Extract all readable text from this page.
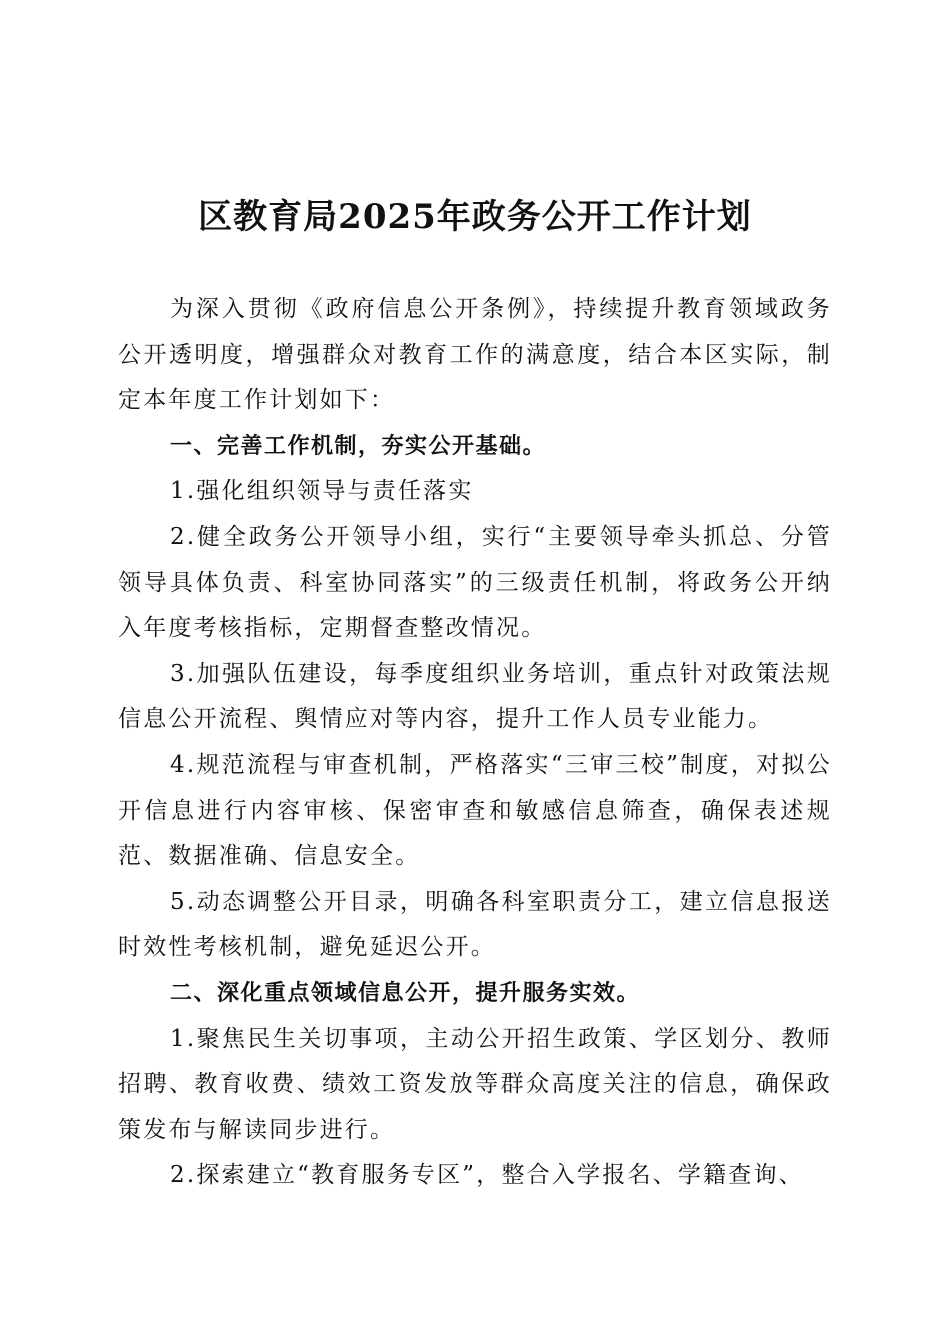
区教育局2025年政务公开工作计划

为深入贯彻《政府信息公开条例》，持续提升教育领域政务公开透明度，增强群众对教育工作的满意度，结合本区实际，制定本年度工作计划如下：

一、完善工作机制，夯实公开基础。

1.强化组织领导与责任落实

2.健全政务公开领导小组，实行“主要领导牵头抓总、分管领导具体负责、科室协同落实”的三级责任机制，将政务公开纳入年度考核指标，定期督查整改情况。

3.加强队伍建设，每季度组织业务培训，重点针对政策法规信息公开流程、舆情应对等内容，提升工作人员专业能力。

4.规范流程与审查机制，严格落实“三审三校”制度，对拟公开信息进行内容审核、保密审查和敏感信息筛查，确保表述规范、数据准确、信息安全。

5.动态调整公开目录，明确各科室职责分工，建立信息报送时效性考核机制，避免延迟公开。

二、深化重点领域信息公开，提升服务实效。

1.聚焦民生关切事项，主动公开招生政策、学区划分、教师招聘、教育收费、绩效工资发放等群众高度关注的信息，确保政策发布与解读同步进行。

2.探索建立“教育服务专区”，整合入学报名、学籍查询、
